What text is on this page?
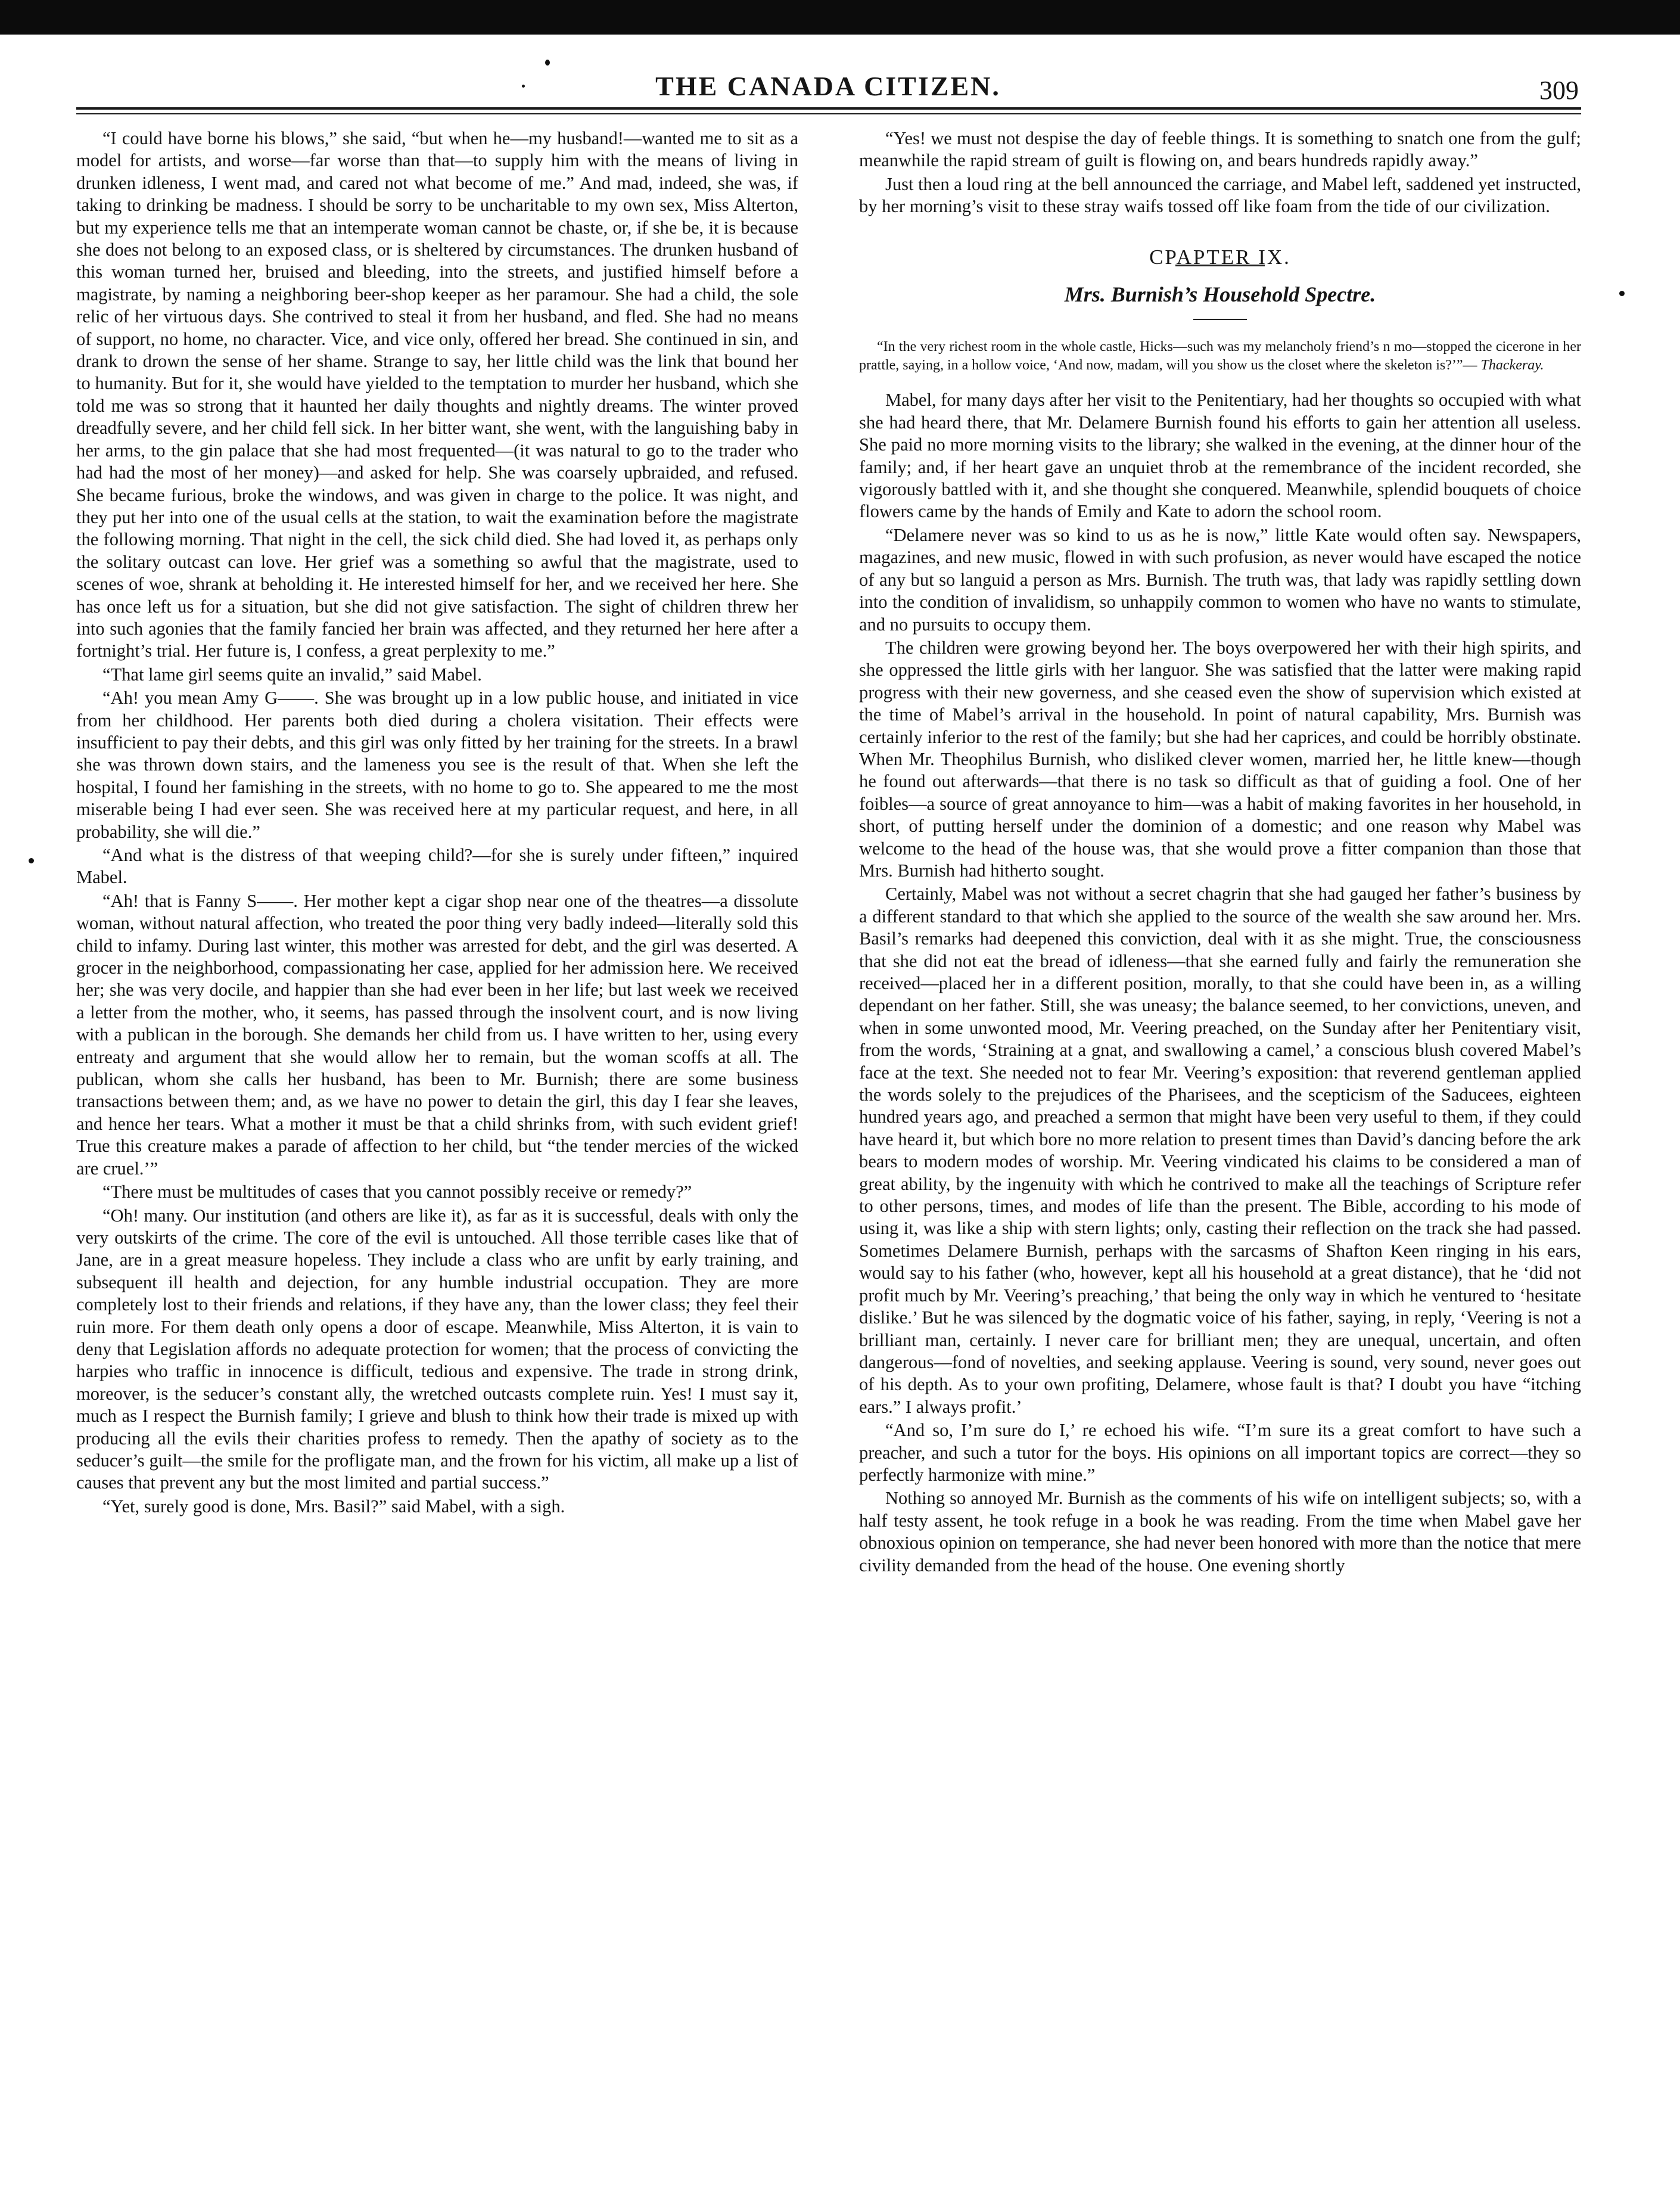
THE CANADA CITIZEN.	309

“I could have borne his blows,” she said, “but when he—my husband!—wanted me to sit as a model for artists, and worse—far worse than that—to supply him with the means of living in drunken idleness, I went mad, and cared not what become of me.” And mad, indeed, she was, if taking to drinking be madness. I should be sorry to be uncharitable to my own sex, Miss Alterton, but my experience tells me that an intemperate woman cannot be chaste, or, if she be, it is because she does not belong to an exposed class, or is sheltered by circumstances. The drunken husband of this woman turned her, bruised and bleeding, into the streets, and justified himself before a magistrate, by naming a neighboring beer-shop keeper as her paramour. She had a child, the sole relic of her virtuous days. She contrived to steal it from her husband, and fled. She had no means of support, no home, no character. Vice, and vice only, offered her bread. She continued in sin, and drank to drown the sense of her shame. Strange to say, her little child was the link that bound her to humanity. But for it, she would have yielded to the temptation to murder her husband, which she told me was so strong that it haunted her daily thoughts and nightly dreams. The winter proved dreadfully severe, and her child fell sick. In her bitter want, she went, with the languishing baby in her arms, to the gin palace that she had most frequented—(it was natural to go to the trader who had had the most of her money)—and asked for help. She was coarsely upbraided, and refused. She became furious, broke the windows, and was given in charge to the police. It was night, and they put her into one of the usual cells at the station, to wait the examination before the magistrate the following morning. That night in the cell, the sick child died. She had loved it, as perhaps only the solitary outcast can love. Her grief was a something so awful that the magistrate, used to scenes of woe, shrank at beholding it. He interested himself for her, and we received her here. She has once left us for a situation, but she did not give satisfaction. The sight of children threw her into such agonies that the family fancied her brain was affected, and they returned her here after a fortnight’s trial. Her future is, I confess, a great perplexity to me.”

“That lame girl seems quite an invalid,” said Mabel.

“Ah! you mean Amy G——. She was brought up in a low public house, and initiated in vice from her childhood. Her parents both died during a cholera visitation. Their effects were insufficient to pay their debts, and this girl was only fitted by her training for the streets. In a brawl she was thrown down stairs, and the lameness you see is the result of that. When she left the hospital, I found her famishing in the streets, with no home to go to. She appeared to me the most miserable being I had ever seen. She was received here at my particular request, and here, in all probability, she will die.”

“And what is the distress of that weeping child?—for she is surely under fifteen,” inquired Mabel.

“Ah! that is Fanny S——. Her mother kept a cigar shop near one of the theatres—a dissolute woman, without natural affection, who treated the poor thing very badly indeed—literally sold this child to infamy. During last winter, this mother was arrested for debt, and the girl was deserted. A grocer in the neighborhood, compassionating her case, applied for her admission here. We received her; she was very docile, and happier than she had ever been in her life; but last week we received a letter from the mother, who, it seems, has passed through the insolvent court, and is now living with a publican in the borough. She demands her child from us. I have written to her, using every entreaty and argument that she would allow her to remain, but the woman scoffs at all. The publican, whom she calls her husband, has been to Mr. Burnish; there are some business transactions between them; and, as we have no power to detain the girl, this day I fear she leaves, and hence her tears. What a mother it must be that a child shrinks from, with such evident grief! True this creature makes a parade of affection to her child, but “the tender mercies of the wicked are cruel.’”

“There must be multitudes of cases that you cannot possibly receive or remedy?”

“Oh! many. Our institution (and others are like it), as far as it is successful, deals with only the very outskirts of the crime. The core of the evil is untouched. All those terrible cases like that of Jane, are in a great measure hopeless. They include a class who are unfit by early training, and subsequent ill health and dejection, for any humble industrial occupation. They are more completely lost to their friends and relations, if they have any, than the lower class; they feel their ruin more. For them death only opens a door of escape. Meanwhile, Miss Alterton, it is vain to deny that Legislation affords no adequate protection for women; that the process of convicting the harpies who traffic in innocence is difficult, tedious and expensive. The trade in strong drink, moreover, is the seducer’s constant ally, the wretched outcasts complete ruin. Yes! I must say it, much as I respect the Burnish family; I grieve and blush to think how their trade is mixed up with producing all the evils their charities profess to remedy. Then the apathy of society as to the seducer’s guilt—the smile for the profligate man, and the frown for his victim, all make up a list of causes that prevent any but the most limited and partial success.”

“Yet, surely good is done, Mrs. Basil?” said Mabel, with a sigh.

“Yes! we must not despise the day of feeble things. It is something to snatch one from the gulf; meanwhile the rapid stream of guilt is flowing on, and bears hundreds rapidly away.”

Just then a loud ring at the bell announced the carriage, and Mabel left, saddened yet instructed, by her morning’s visit to these stray waifs tossed off like foam from the tide of our civilization.

CPAPTER IX.
Mrs. Burnish’s Household Spectre.
“In the very richest room in the whole castle, Hicks—such was my melancholy friend’s n mo—stopped the cicerone in her prattle, saying, in a hollow voice, ‘And now, madam, will you show us the closet where the skeleton is?’”— Thackeray.

Mabel, for many days after her visit to the Penitentiary, had her thoughts so occupied with what she had heard there, that Mr. Delamere Burnish found his efforts to gain her attention all useless. She paid no more morning visits to the library; she walked in the evening, at the dinner hour of the family; and, if her heart gave an unquiet throb at the remembrance of the incident recorded, she vigorously battled with it, and she thought she conquered. Meanwhile, splendid bouquets of choice flowers came by the hands of Emily and Kate to adorn the school room.

“Delamere never was so kind to us as he is now,” little Kate would often say. Newspapers, magazines, and new music, flowed in with such profusion, as never would have escaped the notice of any but so languid a person as Mrs. Burnish. The truth was, that lady was rapidly settling down into the condition of invalidism, so unhappily common to women who have no wants to stimulate, and no pursuits to occupy them.

The children were growing beyond her. The boys overpowered her with their high spirits, and she oppressed the little girls with her languor. She was satisfied that the latter were making rapid progress with their new governess, and she ceased even the show of supervision which existed at the time of Mabel’s arrival in the household. In point of natural capability, Mrs. Burnish was certainly inferior to the rest of the family; but she had her caprices, and could be horribly obstinate. When Mr. Theophilus Burnish, who disliked clever women, married her, he little knew—though he found out afterwards—that there is no task so difficult as that of guiding a fool. One of her foibles—a source of great annoyance to him—was a habit of making favorites in her household, in short, of putting herself under the dominion of a domestic; and one reason why Mabel was welcome to the head of the house was, that she would prove a fitter companion than those that Mrs. Burnish had hitherto sought.

Certainly, Mabel was not without a secret chagrin that she had gauged her father’s business by a different standard to that which she applied to the source of the wealth she saw around her. Mrs. Basil’s remarks had deepened this conviction, deal with it as she might. True, the consciousness that she did not eat the bread of idleness—that she earned fully and fairly the remuneration she received—placed her in a different position, morally, to that she could have been in, as a willing dependant on her father. Still, she was uneasy; the balance seemed, to her convictions, uneven, and when in some unwonted mood, Mr. Veering preached, on the Sunday after her Penitentiary visit, from the words, ‘Straining at a gnat, and swallowing a camel,’ a conscious blush covered Mabel’s face at the text. She needed not to fear Mr. Veering’s exposition: that reverend gentleman applied the words solely to the prejudices of the Pharisees, and the scepticism of the Saducees, eighteen hundred years ago, and preached a sermon that might have been very useful to them, if they could have heard it, but which bore no more relation to present times than David’s dancing before the ark bears to modern modes of worship. Mr. Veering vindicated his claims to be considered a man of great ability, by the ingenuity with which he contrived to make all the teachings of Scripture refer to other persons, times, and modes of life than the present. The Bible, according to his mode of using it, was like a ship with stern lights; only, casting their reflection on the track she had passed. Sometimes Delamere Burnish, perhaps with the sarcasms of Shafton Keen ringing in his ears, would say to his father (who, however, kept all his household at a great distance), that he ‘did not profit much by Mr. Veering’s preaching,’ that being the only way in which he ventured to ‘hesitate dislike.’ But he was silenced by the dogmatic voice of his father, saying, in reply, ‘Veering is not a brilliant man, certainly. I never care for brilliant men; they are unequal, uncertain, and often dangerous—fond of novelties, and seeking applause. Veering is sound, very sound, never goes out of his depth. As to your own profiting, Delamere, whose fault is that? I doubt you have “itching ears.” I always profit.’

“And so, I’m sure do I,’ re echoed his wife. “I’m sure its a great comfort to have such a preacher, and such a tutor for the boys. His opinions on all important topics are correct—they so perfectly harmonize with mine.”

Nothing so annoyed Mr. Burnish as the comments of his wife on intelligent subjects; so, with a half testy assent, he took refuge in a book he was reading. From the time when Mabel gave her obnoxious opinion on temperance, she had never been honored with more than the notice that mere civility demanded from the head of the house. One evening shortly
